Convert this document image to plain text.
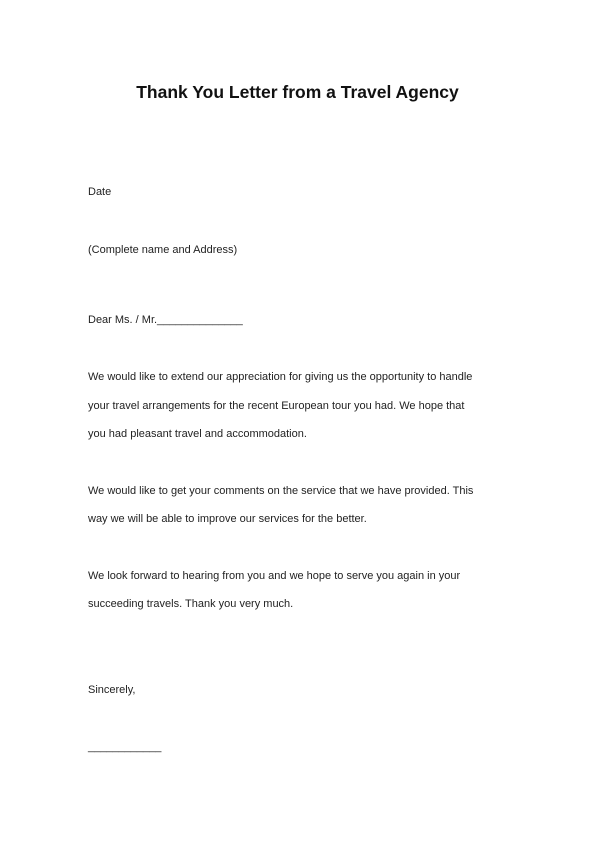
Thank You Letter from a Travel Agency
Date
(Complete name and Address)
Dear Ms. / Mr.______________
We would like to extend our appreciation for giving us the opportunity to handle
your travel arrangements for the recent European tour you had. We hope that
you had pleasant travel and accommodation.
We would like to get your comments on the service that we have provided. This
way we will be able to improve our services for the better.
We look forward to hearing from you and we hope to serve you again in your
succeeding travels. Thank you very much.
Sincerely,
____________
